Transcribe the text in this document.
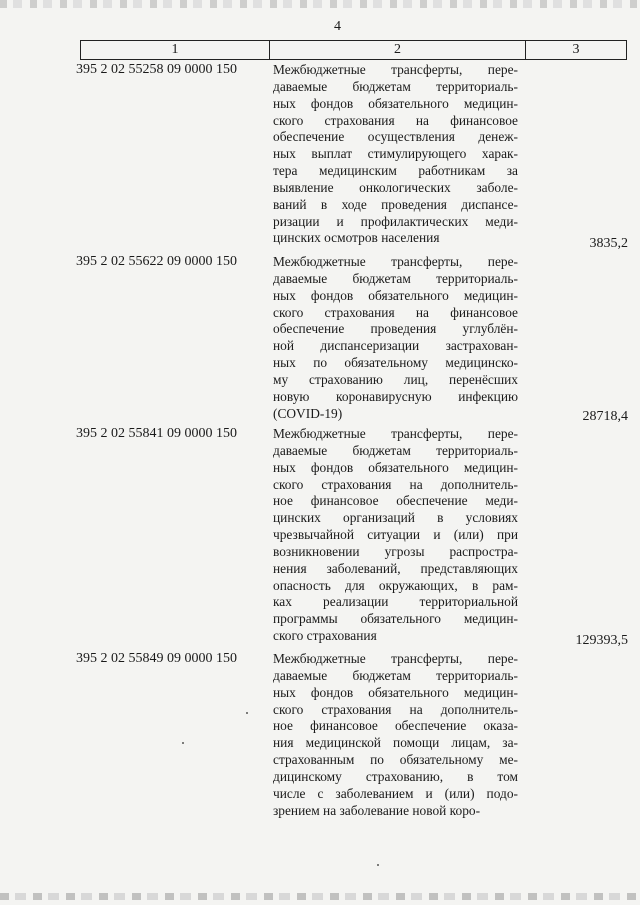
4
1	2	3
395 2 02 55258 09 0000 150	Межбюджетные трансферты, пере-
даваемые бюджетам территориаль-
ных фондов обязательного медицин-
ского страхования на финансовое
обеспечение осуществления денеж-
ных выплат стимулирующего харак-
тера медицинским работникам за
выявление онкологических заболе-
ваний в ходе проведения диспансе-
ризации и профилактических меди-
цинских осмотров населения	3835,2
395 2 02 55622 09 0000 150	Межбюджетные трансферты, пере-
даваемые бюджетам территориаль-
ных фондов обязательного медицин-
ского страхования на финансовое
обеспечение проведения углублён-
ной диспансеризации застрахован-
ных по обязательному медицинско-
му страхованию лиц, перенёсших
новую коронавирусную инфекцию
(COVID-19)	28718,4
395 2 02 55841 09 0000 150	Межбюджетные трансферты, пере-
даваемые бюджетам территориаль-
ных фондов обязательного медицин-
ского страхования на дополнитель-
ное финансовое обеспечение меди-
цинских организаций в условиях
чрезвычайной ситуации и (или) при
возникновении угрозы распростра-
нения заболеваний, представляющих
опасность для окружающих, в рам-
ках реализации территориальной
программы обязательного медицин-
ского страхования	129393,5
395 2 02 55849 09 0000 150	Межбюджетные трансферты, пере-
даваемые бюджетам территориаль-
ных фондов обязательного медицин-
ского страхования на дополнитель-
ное финансовое обеспечение оказа-
ния медицинской помощи лицам, за-
страхованным по обязательному ме-
дицинскому страхованию, в том
числе с заболеванием и (или) подо-
зрением на заболевание новой коро-
